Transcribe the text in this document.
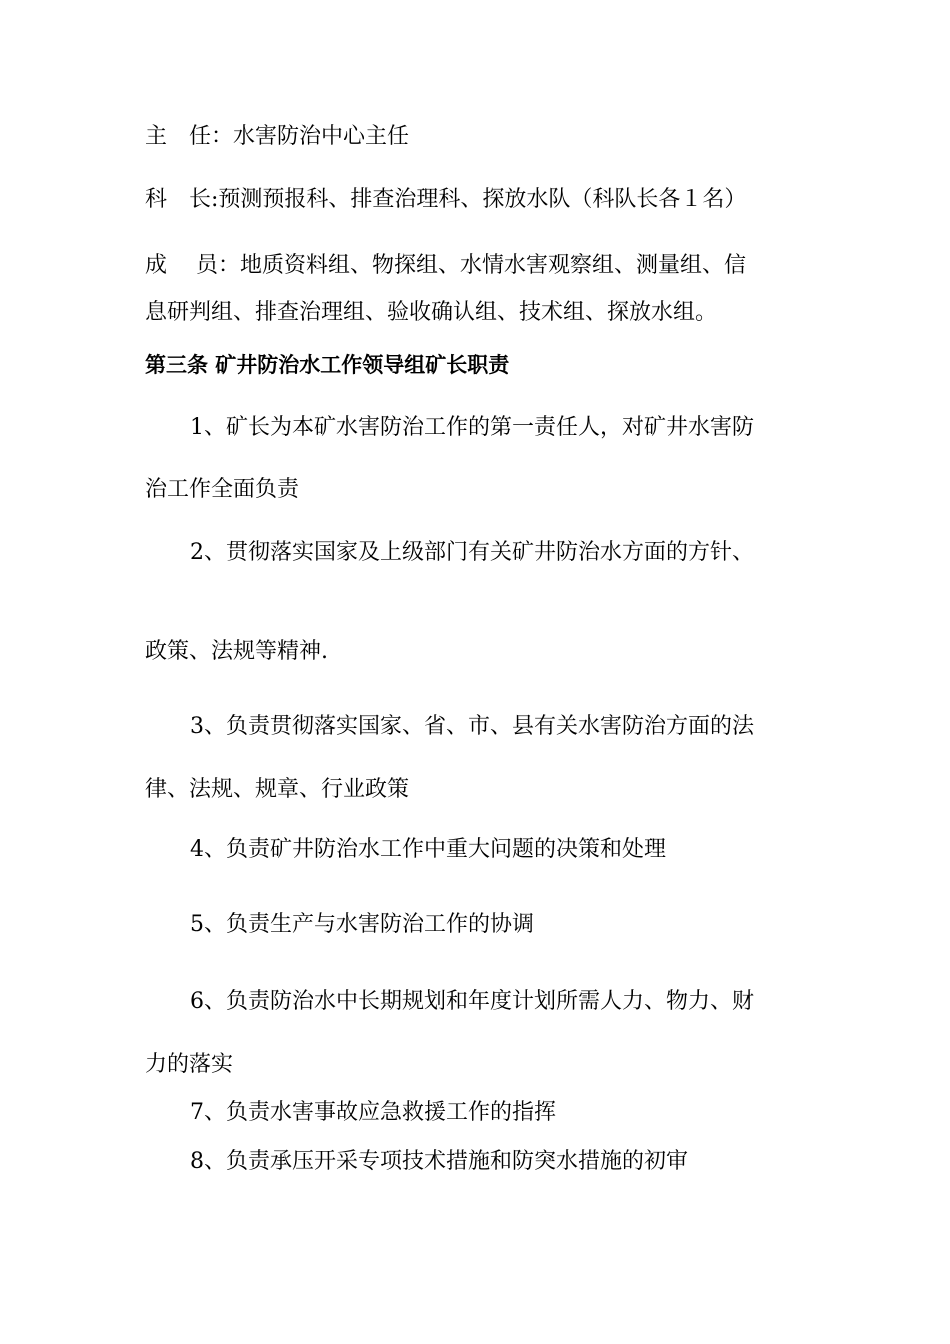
主　任：水害防治中心主任

科　长:预测预报科、排查治理科、探放水队（科队长各１名）

成　 员：地质资料组、物探组、水情水害观察组、测量组、信

息研判组、排查治理组、验收确认组、技术组、探放水组。

第三条 矿井防治水工作领导组矿长职责

1、矿长为本矿水害防治工作的第一责任人，对矿井水害防

治工作全面负责

2、贯彻落实国家及上级部门有关矿井防治水方面的方针、

政策、法规等精神.

3、负责贯彻落实国家、省、市、县有关水害防治方面的法

律、法规、规章、行业政策

4、负责矿井防治水工作中重大问题的决策和处理

5、负责生产与水害防治工作的协调

6、负责防治水中长期规划和年度计划所需人力、物力、财

力的落实

7、负责水害事故应急救援工作的指挥

8、负责承压开采专项技术措施和防突水措施的初审
